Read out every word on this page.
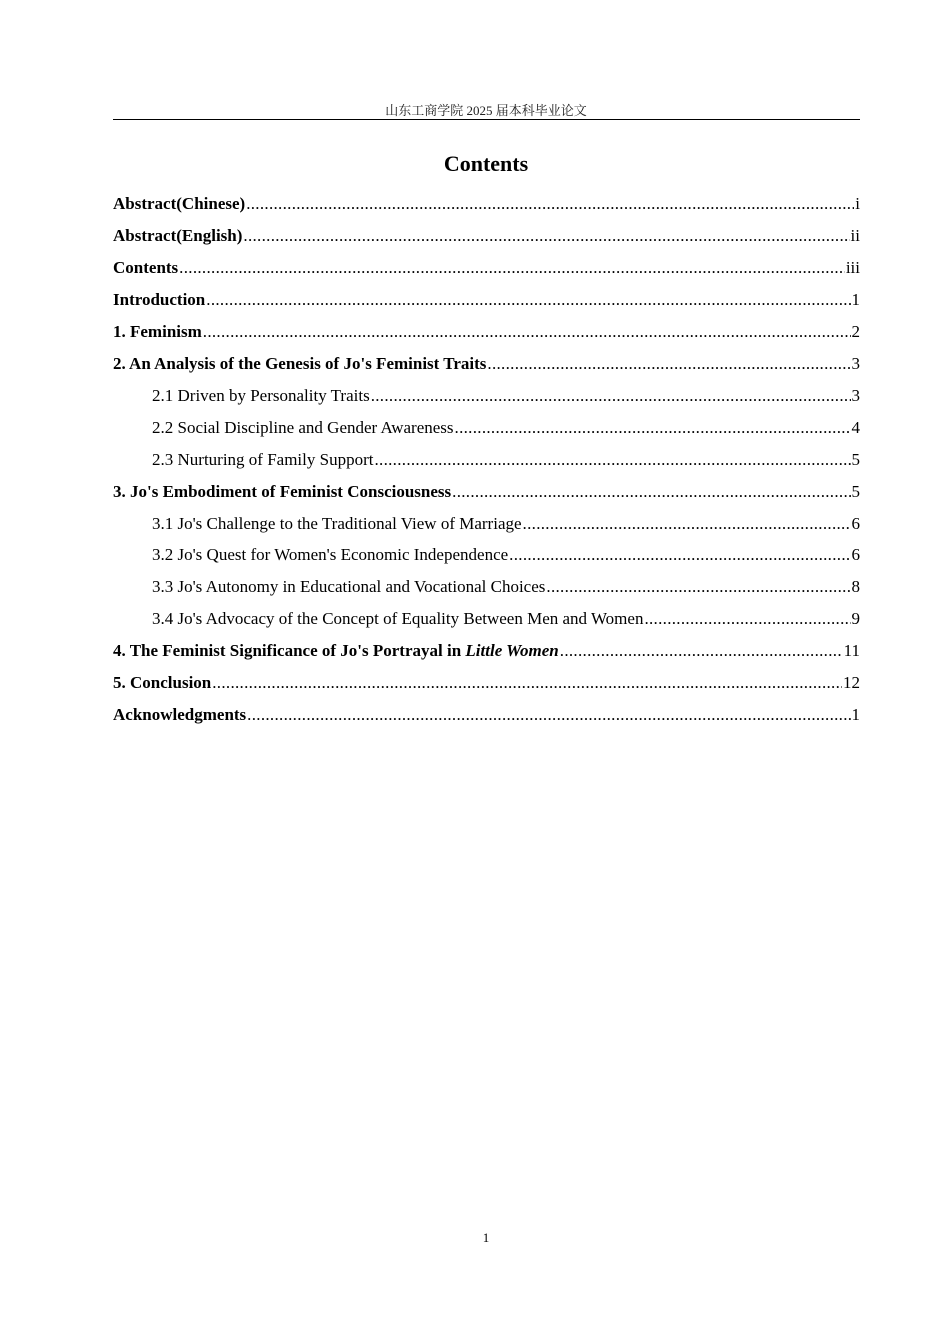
山东工商学院 2025 届本科毕业论文
Contents
Abstract(Chinese) .....	i
Abstract(English) .....	ii
Contents .....	iii
Introduction .....	1
1. Feminism .....	2
2. An Analysis of the Genesis of Jo's Feminist Traits .....	3
2.1 Driven by Personality Traits .....	3
2.2 Social Discipline and Gender Awareness .....	4
2.3 Nurturing of Family Support .....	5
3. Jo's Embodiment of Feminist Consciousness .....	5
3.1 Jo's Challenge to the Traditional View of Marriage .....	6
3.2 Jo's Quest for Women's Economic Independence .....	6
3.3 Jo's Autonomy in Educational and Vocational Choices .....	8
3.4 Jo's Advocacy of the Concept of Equality Between Men and Women .....	9
4. The Feminist Significance of Jo's Portrayal in Little Women .....	11
5. Conclusion .....	12
Acknowledgments .....	1
1
